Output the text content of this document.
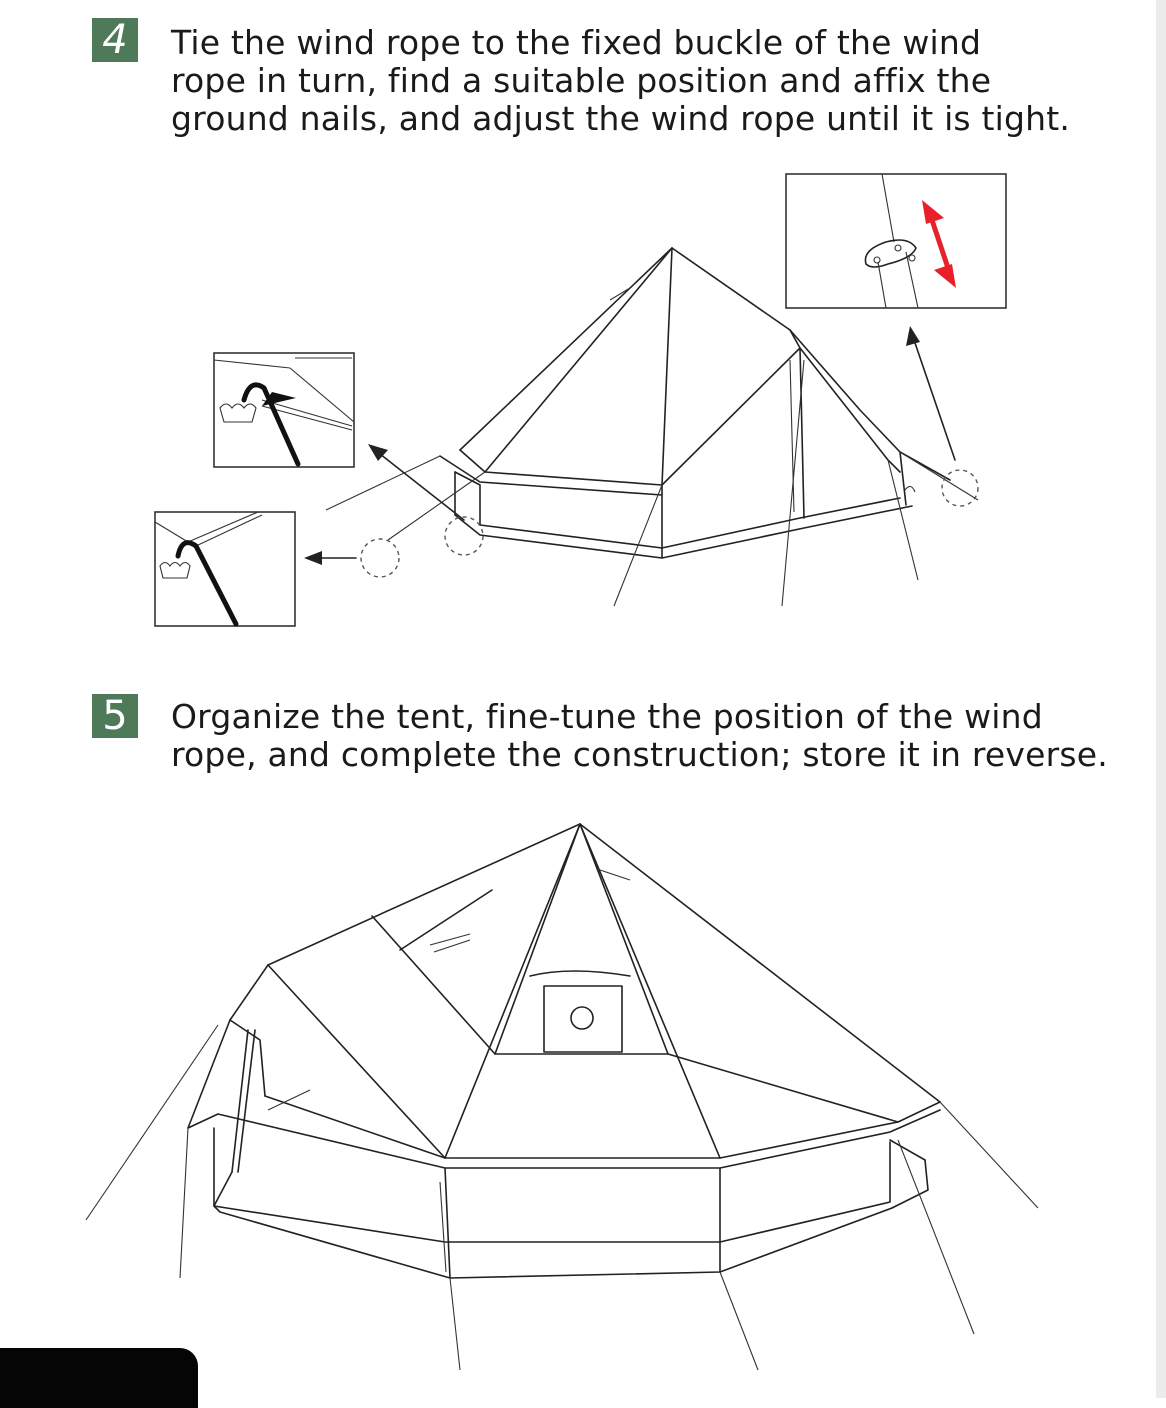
4	Tie the wind rope to the fixed buckle of the wind
rope in turn, find a suitable position and affix the
ground nails, and adjust the wind rope until it is tight.

5	Organize the tent, fine-tune the position of the wind
rope, and complete the construction; store it in reverse.
